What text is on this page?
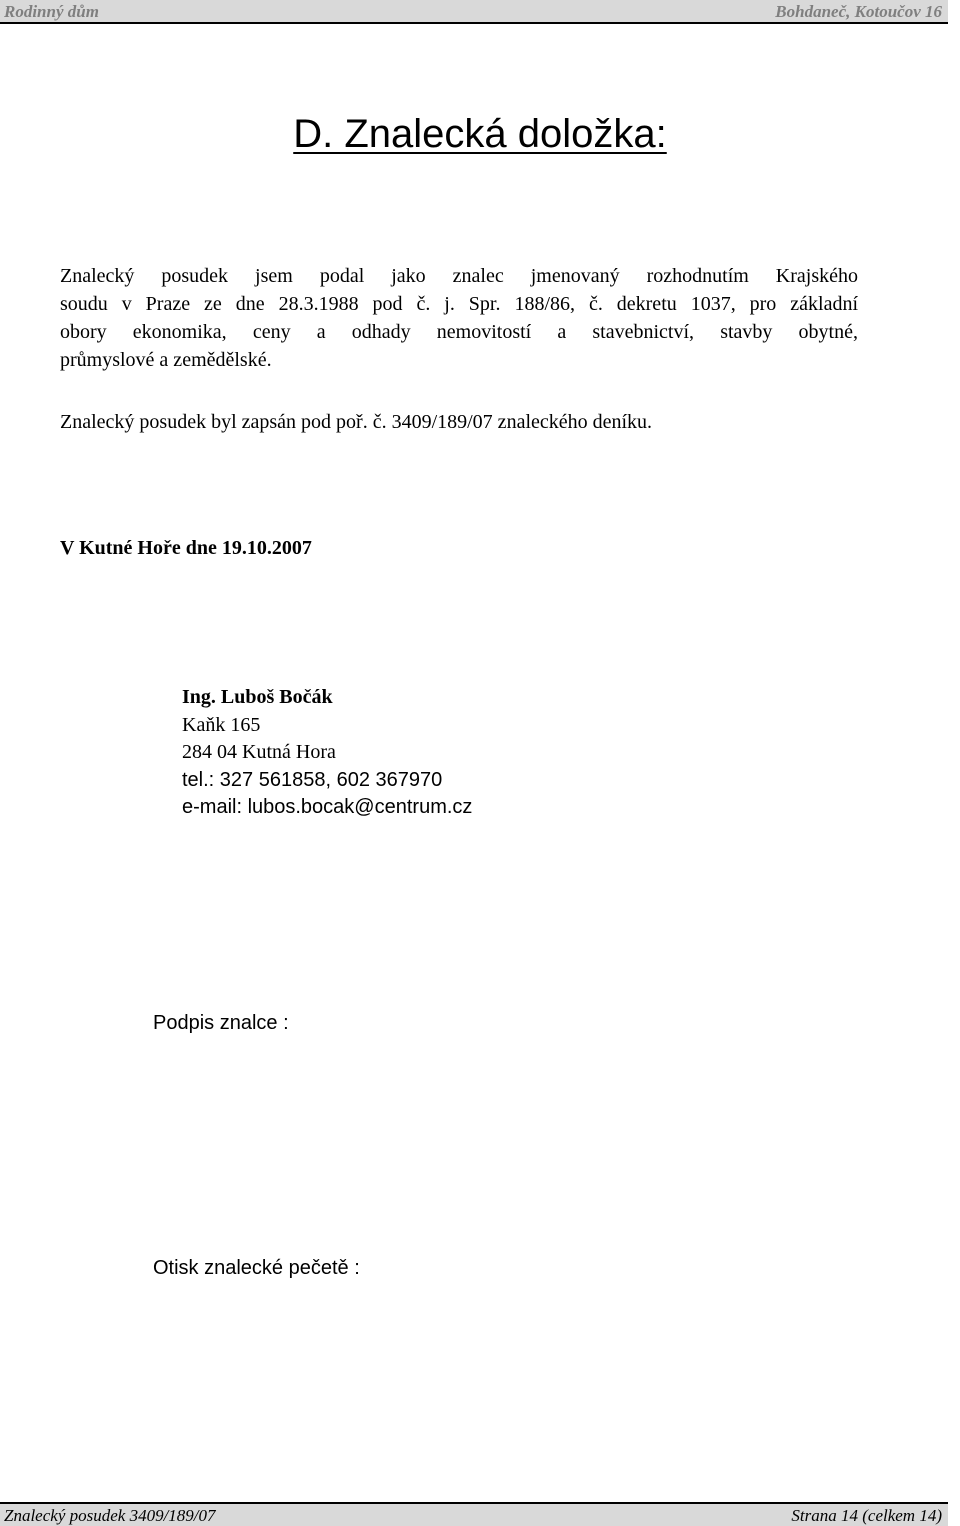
Rodinný dům	Bohdaneč, Kotoučov 16
D. Znalecká doložka:
Znalecký posudek jsem podal jako znalec jmenovaný rozhodnutím Krajského
soudu v Praze ze dne 28.3.1988 pod č. j. Spr. 188/86, č. dekretu 1037, pro základní
obory ekonomika, ceny a odhady nemovitostí a stavebnictví, stavby obytné,
průmyslové a zemědělské.
Znalecký posudek byl zapsán pod poř. č. 3409/189/07 znaleckého deníku.
V Kutné Hoře dne 19.10.2007
Ing. Luboš Bočák
Kaňk 165
284 04 Kutná Hora
tel.: 327 561858, 602 367970
e-mail: lubos.bocak@centrum.cz
Podpis znalce :
Otisk znalecké pečetě :
Znalecký posudek 3409/189/07	Strana 14 (celkem 14)
